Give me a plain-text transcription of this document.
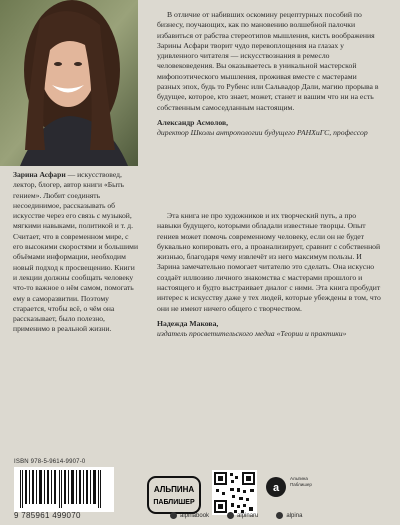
Зарина Асфари — искусствовед, лектор, блогер, автор книги «Быть гением». Любит соединять несоединимое, рассказывать об искусстве через его связь с музыкой, мягкими навыками, политикой и т. д. Считает, что в современном мире, с его высокими скоростями и большими объёмами информации, необходим новый подход к просвещению. Книги и лекции должны сообщать человеку что-то важное о нём самом, помогать ему в саморазвитии. Поэтому старается, чтобы всё, о чём она рассказывает, было полезно, применимо в реальной жизни.

В отличие от набивших оскомину рецептурных пособий по бизнесу, поучающих, как по мановению волшебной палочки избавиться от рабства стереотипов мышления, кисть воображения Зарины Асфари творит чудо перевоплощения на глазах у удивленного читателя — искусствознания в ремесло человековедения. Вы оказываетесь в уникальной мастерской мифопоэтического мышления, проживая вместе с мастерами разных эпох, будь то Рубенс или Сальвадор Дали, магию прорыва в будущее, которое, кто знает, может, станет и вашим что ни на есть собственным самоседланным настоящим.

Александр Асмолов,
директор Школы антропологии будущего РАНХиГС, профессор

Эта книга не про художников и их творческий путь, а про навыки будущего, которыми обладали известные творцы. Опыт гениев может помочь современному человеку, если он не будет буквально копировать его, а проанализирует, сравнит с собственной жизнью, благодаря чему извлечёт из него максимум пользы. И Зарина замечательно помогает читателю это сделать. Она искусно создаёт иллюзию личного знакомства с мастерами прошлого и настоящего и будто выстраивает диалог с ними. Эта книга пробудит интерес к искусству даже у тех людей, которые убеждены в том, что они не имеют ничего общего с творчеством.

Надежда Макова,
издатель просветительского медиа «Теории и практики»
ISBN 978-5-9614-9907-0
9 785961 499070
АЛЬПИНА
ПАБЛИШЕР
a
Альпина Паблишер
alpinabook	alpinaru	alpina
